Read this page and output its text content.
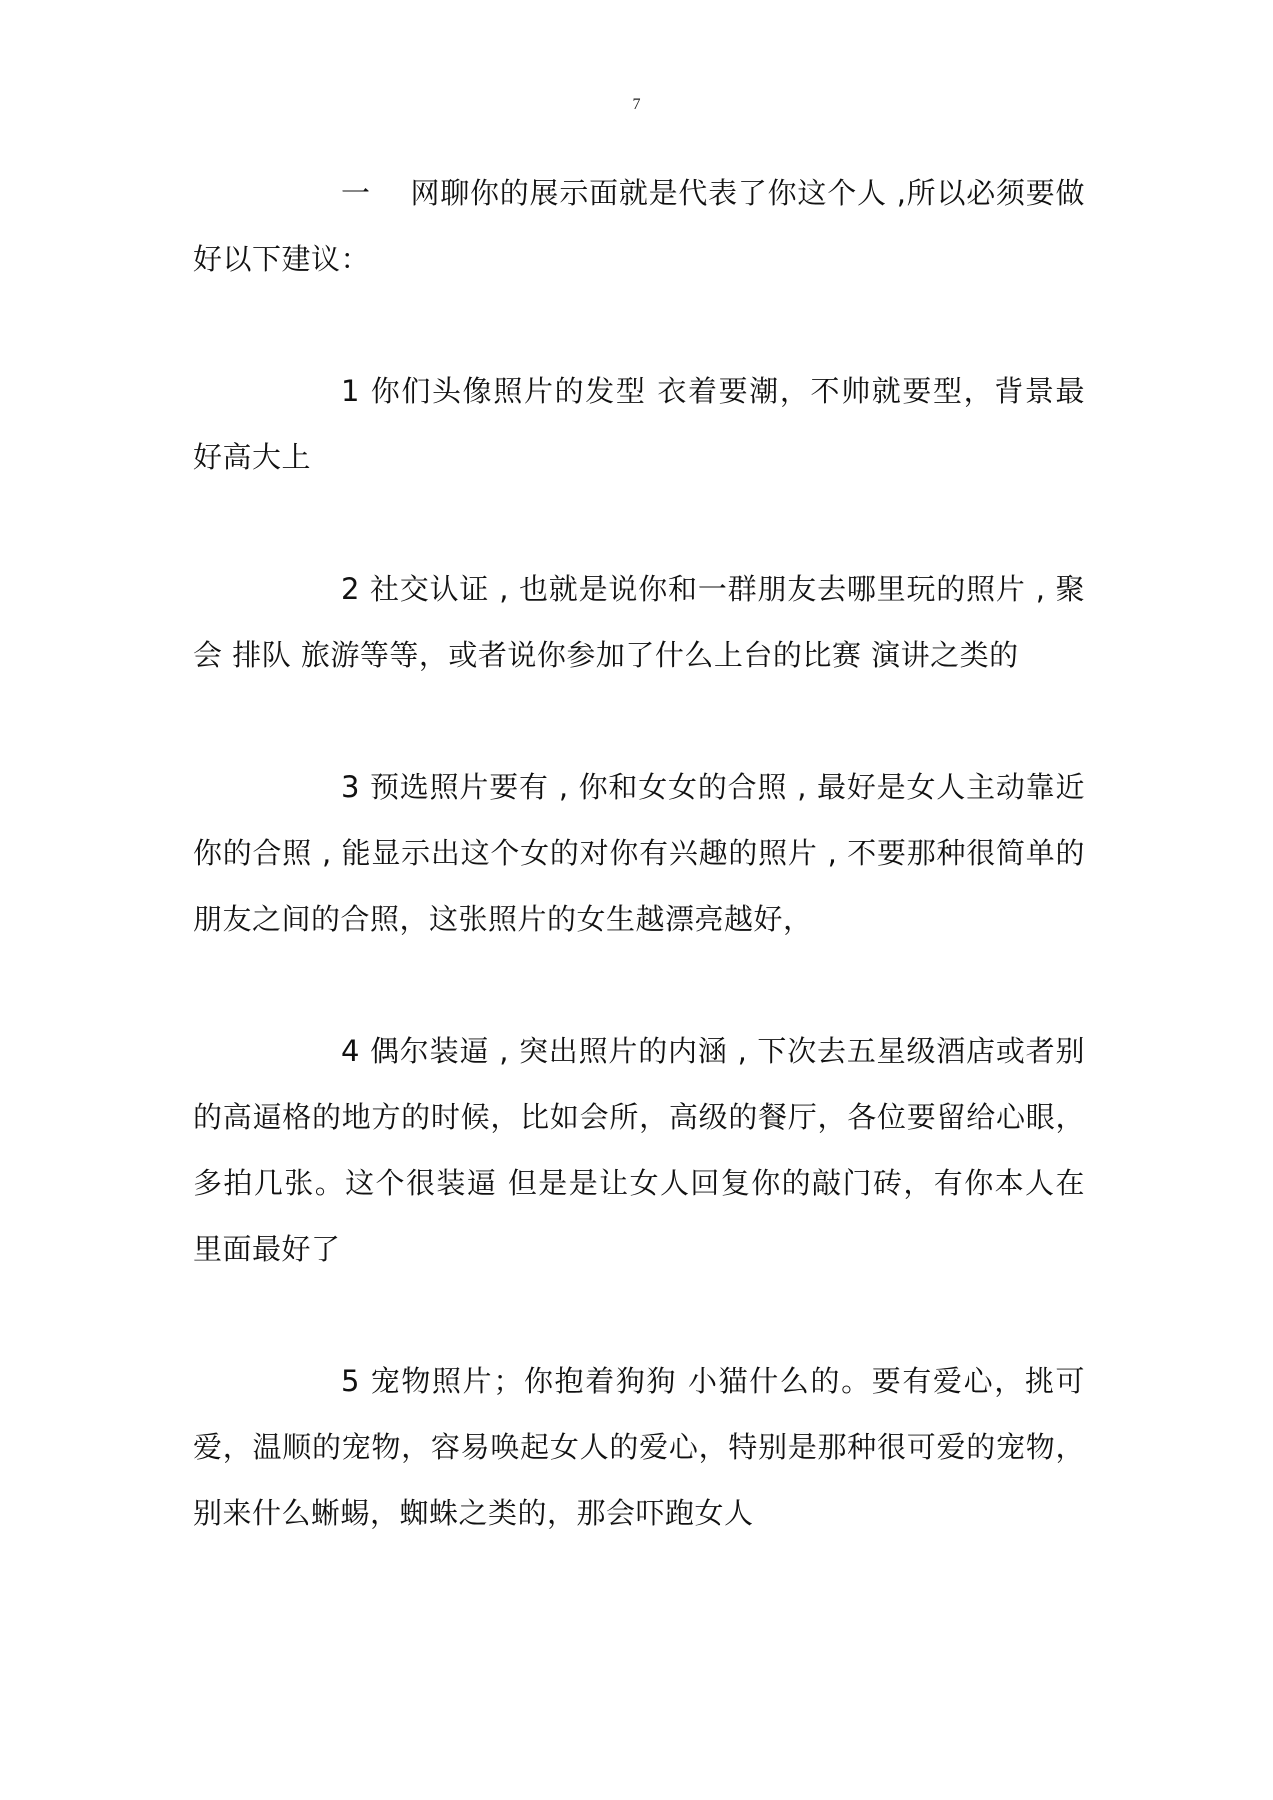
7

一　 网聊你的展示面就是代表了你这个人 ,所以必须要做好以下建议：

1 你们头像照片的发型 衣着要潮，不帅就要型，背景最好高大上

2 社交认证 , 也就是说你和一群朋友去哪里玩的照片 , 聚会 排队 旅游等等，或者说你参加了什么上台的比赛 演讲之类的

3 预选照片要有 , 你和女女的合照 , 最好是女人主动靠近你的合照 , 能显示出这个女的对你有兴趣的照片 , 不要那种很简单的朋友之间的合照，这张照片的女生越漂亮越好，

4 偶尔装逼 , 突出照片的内涵 , 下次去五星级酒店或者别的高逼格的地方的时候，比如会所，高级的餐厅，各位要留给心眼，多拍几张。这个很装逼 但是是让女人回复你的敲门砖，有你本人在里面最好了

5 宠物照片；你抱着狗狗 小猫什么的。要有爱心，挑可爱，温顺的宠物，容易唤起女人的爱心，特别是那种很可爱的宠物，别来什么蜥蜴，蜘蛛之类的，那会吓跑女人
